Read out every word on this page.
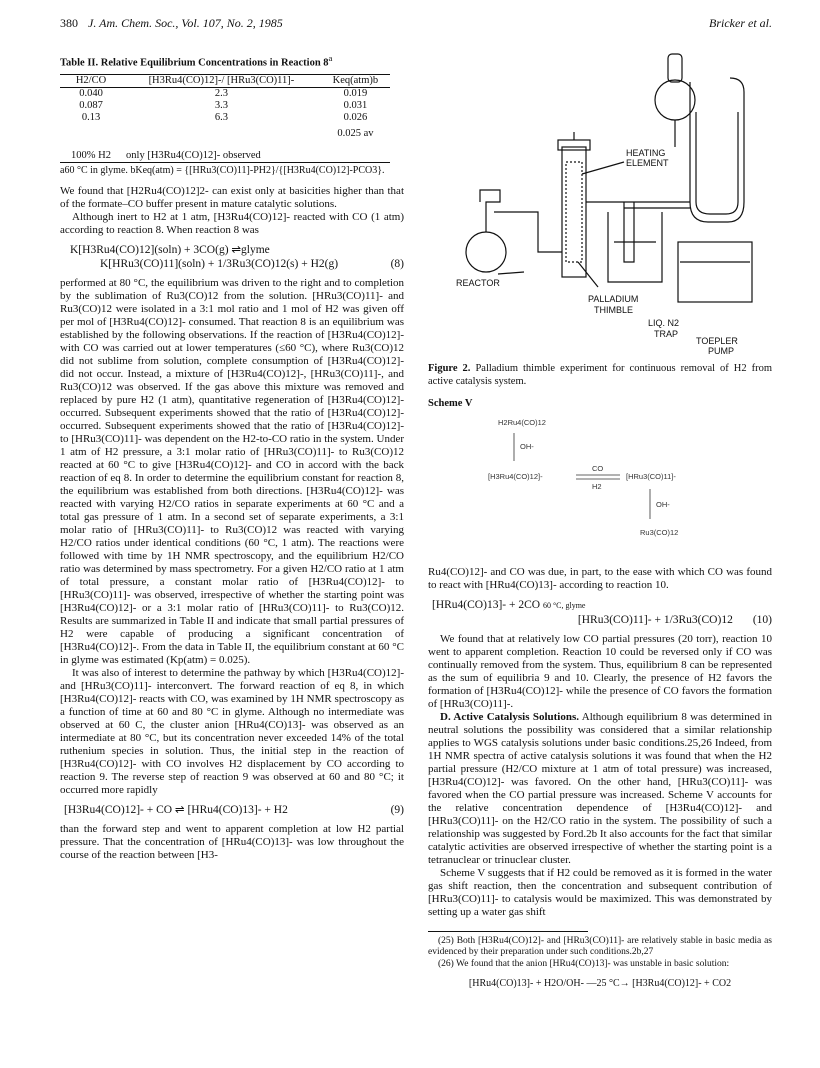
380 J. Am. Chem. Soc., Vol. 107, No. 2, 1985	Bricker et al.
Table II. Relative Equilibrium Concentrations in Reaction 8$^a$
H2/CO	[H3Ru4(CO)12]-/ [HRu3(CO)11]-	Keq(atm)b

0.040	2.3	0.019
0.087	3.3	0.031
0.13	6.3	0.026
		0.025 av
100% H2	only [H3Ru4(CO)12]- observed	
a60 °C in glyme. bKeq(atm) = {[HRu3(CO)11]-PH2}/{[H3Ru4(CO)12]-PCO3}.

We found that [H2Ru4(CO)12]2- can exist only at basicities higher than that of the formate–CO buffer present in mature catalytic solutions.

Although inert to H2 at 1 atm, [H3Ru4(CO)12]- reacted with CO (1 atm) according to reaction 8. When reaction 8 was

K[H3Ru4(CO)12](soln) + 3CO(g) ⇌glyme
K[HRu3(CO)11](soln) + 1/3Ru3(CO)12(s) + H2(g)	(8)

performed at 80 °C, the equilibrium was driven to the right and to completion by the sublimation of Ru3(CO)12 from the solution. [HRu3(CO)11]- and Ru3(CO)12 were isolated in a 3:1 mol ratio and 1 mol of H2 was given off per mol of [H3Ru4(CO)12]- consumed. That reaction 8 is an equilibrium was established by the following observations. If the reaction of [H3Ru4(CO)12]- with CO was carried out at lower temperatures (≤60 °C), where Ru3(CO)12 did not sublime from solution, complete consumption of [H3Ru4(CO)12]- did not occur. Instead, a mixture of [H3Ru4(CO)12]-, [HRu3(CO)11]-, and Ru3(CO)12 was observed. If the gas above this mixture was removed and replaced by pure H2 (1 atm), quantitative regeneration of [H3Ru4(CO)12]- occurred. Subsequent experiments showed that the ratio of [H3Ru4(CO)12]- occurred. Subsequent experiments showed that the ratio of [H3Ru4(CO)12]- to [HRu3(CO)11]- was dependent on the H2-to-CO ratio in the system. Under 1 atm of H2 pressure, a 3:1 molar ratio of [HRu3(CO)11]- to Ru3(CO)12 reacted at 60 °C to give [H3Ru4(CO)12]- and CO in accord with the back reaction of eq 8. In order to determine the equilibrium constant for reaction 8, the equilibrium was established from both directions. [H3Ru4(CO)12]- was reacted with varying H2/CO ratios in separate experiments at 60 °C and a total gas pressure of 1 atm. In a second set of separate experiments, a 3:1 molar ratio of [HRu3(CO)11]- to Ru3(CO)12 was reacted with varying H2/CO ratios under identical conditions (60 °C, 1 atm). The reactions were followed with time by 1H NMR spectroscopy, and the equilibrium H2/CO ratio was determined by mass spectrometry. For a given H2/CO ratio at 1 atm of total pressure, a constant molar ratio of [H3Ru4(CO)12]- to [HRu3(CO)11]- was observed, irrespective of whether the starting point was [H3Ru4(CO)12]- or a 3:1 molar ratio of [HRu3(CO)11]- to Ru3(CO)12. Results are summarized in Table II and indicate that small partial pressures of H2 were capable of producing a significant concentration of [H3Ru4(CO)12]-. From the data in Table II, the equilibrium constant at 60 °C in glyme was estimated (Kp(atm) = 0.025).

It was also of interest to determine the pathway by which [H3Ru4(CO)12]- and [HRu3(CO)11]- interconvert. The forward reaction of eq 8, in which [H3Ru4(CO)12]- reacts with CO, was examined by 1H NMR spectroscopy as a function of time at 60 and 80 °C in glyme. Although no intermediate was observed at 60 C, the cluster anion [HRu4(CO)13]- was observed as an intermediate at 80 °C, but its concentration never exceeded 14% of the total ruthenium species in solution. Thus, the initial step in the reaction of [H3Ru4(CO)12]- with CO involves H2 displacement by CO according to reaction 9. The reverse step of reaction 9 was observed at 60 and 80 °C; it occurred more rapidly

[H3Ru4(CO)12]- + CO ⇌ [HRu4(CO)13]- + H2	(9)

than the forward step and went to apparent completion at low H2 partial pressure. That the concentration of [HRu4(CO)13]- was low throughout the course of the reaction between [H3-

HEATING
ELEMENT
REACTOR
PALLADIUM
THIMBLE
LIQ. N2
TRAP
TOEPLER
PUMP
Figure 2. Palladium thimble experiment for continuous removal of H2 from active catalysis system.
Scheme V
H2Ru4(CO)12
OH-
[H3Ru4(CO)12]-
CO
H2
[HRu3(CO)11]-
OH-
Ru3(CO)12

Ru4(CO)12]- and CO was due, in part, to the ease with which CO was found to react with [HRu4(CO)13]- according to reaction 10.

[HRu4(CO)13]- + 2CO 60 °C, glyme
[HRu3(CO)11]- + 1/3Ru3(CO)12 (10)

We found that at relatively low CO partial pressures (20 torr), reaction 10 went to apparent completion. Reaction 10 could be reversed only if CO was continually removed from the system. Thus, equilibrium 8 can be represented as the sum of equilibria 9 and 10. Clearly, the presence of H2 favors the formation of [H3Ru4(CO)12]- while the presence of CO favors the formation of [HRu3(CO)11]-.

D. Active Catalysis Solutions. Although equilibrium 8 was determined in neutral solutions the possibility was considered that a similar relationship applies to WGS catalysis solutions under basic conditions.25,26 Indeed, from 1H NMR spectra of active catalysis solutions it was found that when the H2 partial pressure (H2/CO mixture at 1 atm of total pressure) was increased, [H3Ru4(CO)12]- was favored. On the other hand, [HRu3(CO)11]- was favored when the CO partial pressure was increased. Scheme V accounts for the relative concentration dependence of [H3Ru4(CO)12]- and [HRu3(CO)11]- on the H2/CO ratio in the system. The possibility of such a relationship was suggested by Ford.2b It also accounts for the fact that similar catalytic activities are observed irrespective of whether the starting point is a tetranuclear or trinuclear cluster.

Scheme V suggests that if H2 could be removed as it is formed in the water gas shift reaction, then the concentration and subsequent contribution of [HRu3(CO)11]- to catalysis would be maximized. This was demonstrated by setting up a water gas shift

(25) Both [H3Ru4(CO)12]- and [HRu3(CO)11]- are relatively stable in basic media as evidenced by their preparation under such conditions.2b,27

(26) We found that the anion [HRu4(CO)13]- was unstable in basic solution:

[HRu4(CO)13]- + H2O/OH- —25 °C→ [H3Ru4(CO)12]- + CO2
